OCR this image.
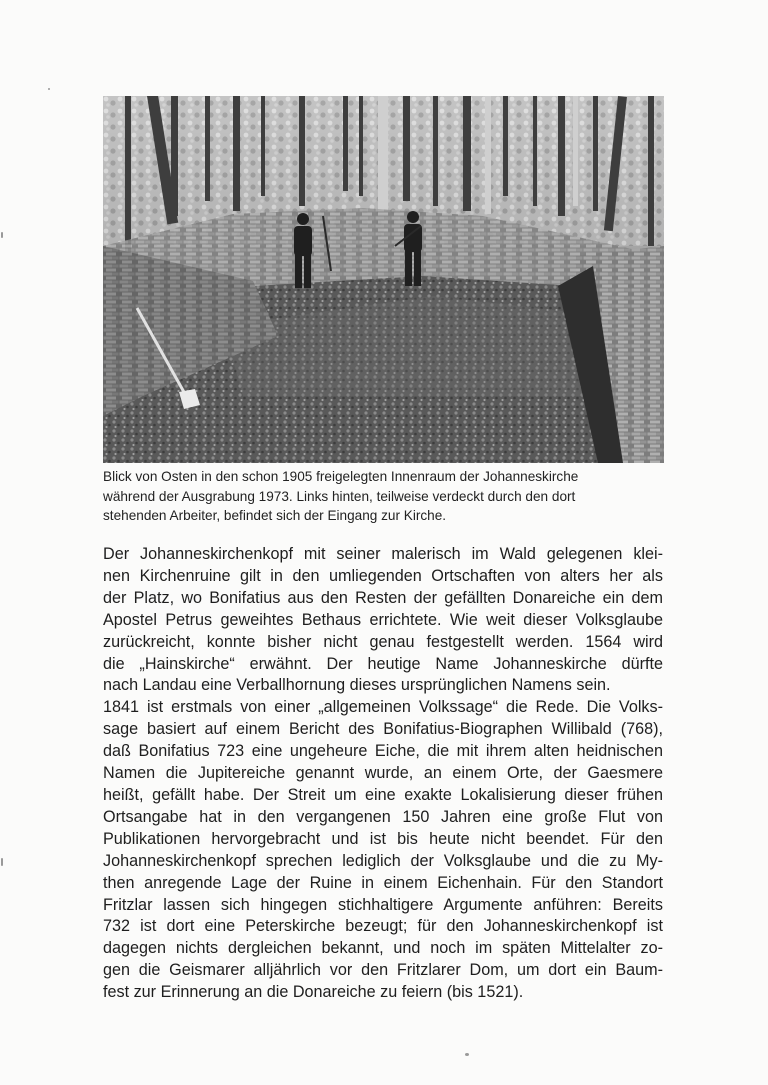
Blick von Osten in den schon 1905 freigelegten Innenraum der Johanneskirche

während der Ausgrabung 1973. Links hinten, teilweise verdeckt durch den dort

stehenden Arbeiter, befindet sich der Eingang zur Kirche.

Der Johanneskirchenkopf mit seiner malerisch im Wald gelegenen klei-

nen Kirchenruine gilt in den umliegenden Ortschaften von alters her als

der Platz, wo Bonifatius aus den Resten der gefällten Donareiche ein dem

Apostel Petrus geweihtes Bethaus errichtete. Wie weit dieser Volksglaube

zurückreicht, konnte bisher nicht genau festgestellt werden. 1564 wird

die „Hainskirche“ erwähnt. Der heutige Name Johanneskirche dürfte

nach Landau eine Verballhornung dieses ursprünglichen Namens sein.

1841 ist erstmals von einer „allgemeinen Volkssage“ die Rede. Die Volks-

sage basiert auf einem Bericht des Bonifatius-Biographen Willibald (768),

daß Bonifatius 723 eine ungeheure Eiche, die mit ihrem alten heidnischen

Namen die Jupitereiche genannt wurde, an einem Orte, der Gaesmere

heißt, gefällt habe. Der Streit um eine exakte Lokalisierung dieser frühen

Ortsangabe hat in den vergangenen 150 Jahren eine große Flut von

Publikationen hervorgebracht und ist bis heute nicht beendet. Für den

Johanneskirchenkopf sprechen lediglich der Volksglaube und die zu My-

then anregende Lage der Ruine in einem Eichenhain. Für den Standort

Fritzlar lassen sich hingegen stichhaltigere Argumente anführen: Bereits

732 ist dort eine Peterskirche bezeugt; für den Johanneskirchenkopf ist

dagegen nichts dergleichen bekannt, und noch im späten Mittelalter zo-

gen die Geismarer alljährlich vor den Fritzlarer Dom, um dort ein Baum-

fest zur Erinnerung an die Donareiche zu feiern (bis 1521).
